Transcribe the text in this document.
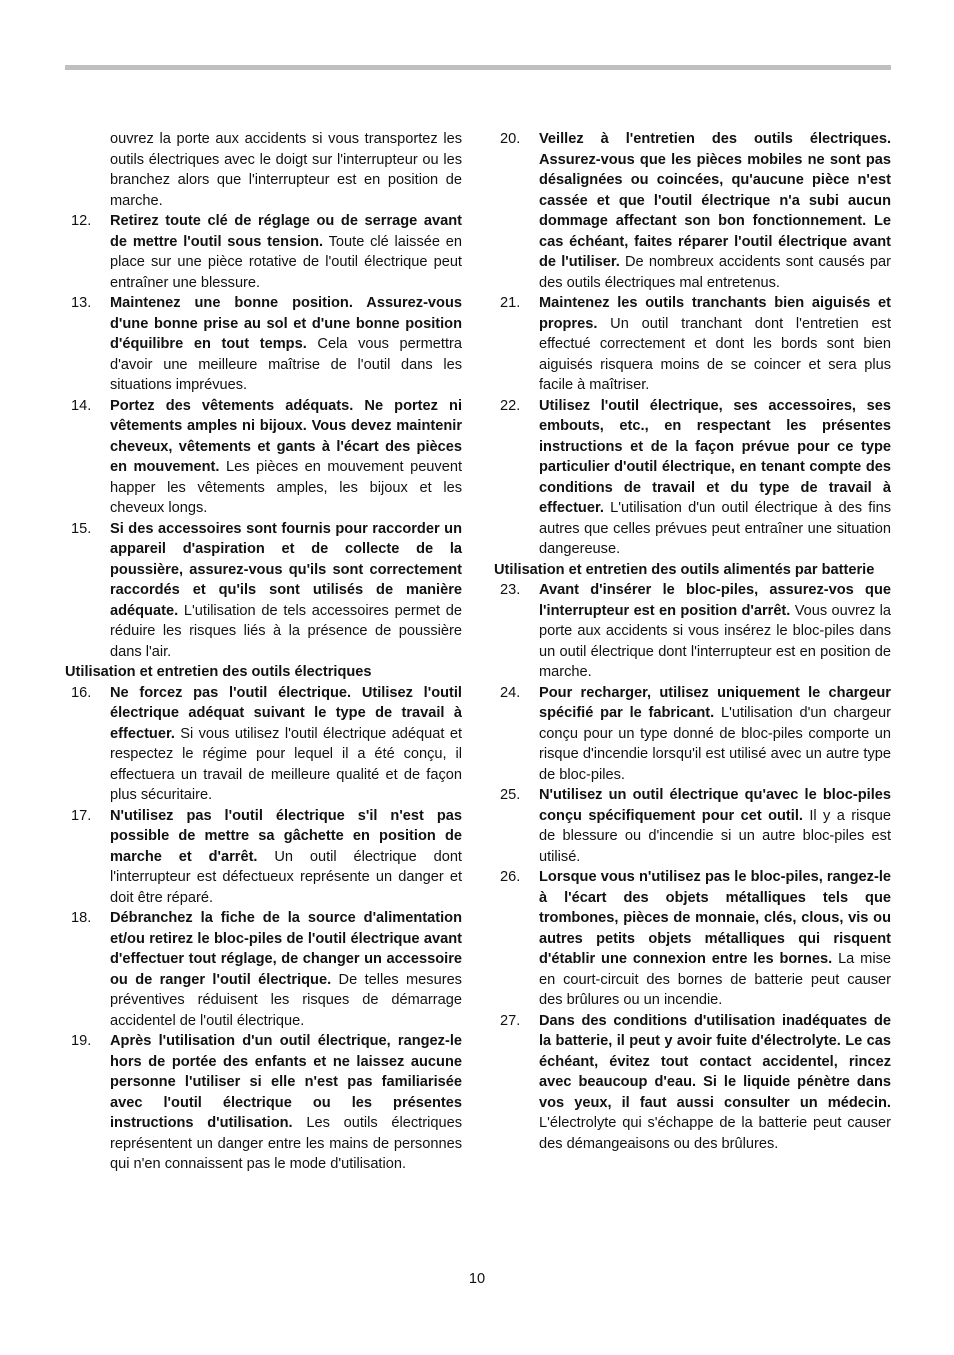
ouvrez la porte aux accidents si vous transportez les outils électriques avec le doigt sur l'interrupteur ou les branchez alors que l'interrupteur est en position de marche.
12. Retirez toute clé de réglage ou de serrage avant de mettre l'outil sous tension. Toute clé laissée en place sur une pièce rotative de l'outil électrique peut entraîner une blessure.
13. Maintenez une bonne position. Assurez-vous d'une bonne prise au sol et d'une bonne position d'équilibre en tout temps. Cela vous permettra d'avoir une meilleure maîtrise de l'outil dans les situations imprévues.
14. Portez des vêtements adéquats. Ne portez ni vêtements amples ni bijoux. Vous devez maintenir cheveux, vêtements et gants à l'écart des pièces en mouvement. Les pièces en mouvement peuvent happer les vêtements amples, les bijoux et les cheveux longs.
15. Si des accessoires sont fournis pour raccorder un appareil d'aspiration et de collecte de la poussière, assurez-vous qu'ils sont correctement raccordés et qu'ils sont utilisés de manière adéquate. L'utilisation de tels accessoires permet de réduire les risques liés à la présence de poussière dans l'air.
Utilisation et entretien des outils électriques
16. Ne forcez pas l'outil électrique. Utilisez l'outil électrique adéquat suivant le type de travail à effectuer. Si vous utilisez l'outil électrique adéquat et respectez le régime pour lequel il a été conçu, il effectuera un travail de meilleure qualité et de façon plus sécuritaire.
17. N'utilisez pas l'outil électrique s'il n'est pas possible de mettre sa gâchette en position de marche et d'arrêt. Un outil électrique dont l'interrupteur est défectueux représente un danger et doit être réparé.
18. Débranchez la fiche de la source d'alimentation et/ou retirez le bloc-piles de l'outil électrique avant d'effectuer tout réglage, de changer un accessoire ou de ranger l'outil électrique. De telles mesures préventives réduisent les risques de démarrage accidentel de l'outil électrique.
19. Après l'utilisation d'un outil électrique, rangez-le hors de portée des enfants et ne laissez aucune personne l'utiliser si elle n'est pas familiarisée avec l'outil électrique ou les présentes instructions d'utilisation. Les outils électriques représentent un danger entre les mains de personnes qui n'en connaissent pas le mode d'utilisation.
20. Veillez à l'entretien des outils électriques. Assurez-vous que les pièces mobiles ne sont pas désalignées ou coincées, qu'aucune pièce n'est cassée et que l'outil électrique n'a subi aucun dommage affectant son bon fonctionnement. Le cas échéant, faites réparer l'outil électrique avant de l'utiliser. De nombreux accidents sont causés par des outils électriques mal entretenus.
21. Maintenez les outils tranchants bien aiguisés et propres. Un outil tranchant dont l'entretien est effectué correctement et dont les bords sont bien aiguisés risquera moins de se coincer et sera plus facile à maîtriser.
22. Utilisez l'outil électrique, ses accessoires, ses embouts, etc., en respectant les présentes instructions et de la façon prévue pour ce type particulier d'outil électrique, en tenant compte des conditions de travail et du type de travail à effectuer. L'utilisation d'un outil électrique à des fins autres que celles prévues peut entraîner une situation dangereuse.
Utilisation et entretien des outils alimentés par batterie
23. Avant d'insérer le bloc-piles, assurez-vos que l'interrupteur est en position d'arrêt. Vous ouvrez la porte aux accidents si vous insérez le bloc-piles dans un outil électrique dont l'interrupteur est en position de marche.
24. Pour recharger, utilisez uniquement le chargeur spécifié par le fabricant. L'utilisation d'un chargeur conçu pour un type donné de bloc-piles comporte un risque d'incendie lorsqu'il est utilisé avec un autre type de bloc-piles.
25. N'utilisez un outil électrique qu'avec le bloc-piles conçu spécifiquement pour cet outil. Il y a risque de blessure ou d'incendie si un autre bloc-piles est utilisé.
26. Lorsque vous n'utilisez pas le bloc-piles, rangez-le à l'écart des objets métalliques tels que trombones, pièces de monnaie, clés, clous, vis ou autres petits objets métalliques qui risquent d'établir une connexion entre les bornes. La mise en court-circuit des bornes de batterie peut causer des brûlures ou un incendie.
27. Dans des conditions d'utilisation inadéquates de la batterie, il peut y avoir fuite d'électrolyte. Le cas échéant, évitez tout contact accidentel, rincez avec beaucoup d'eau. Si le liquide pénètre dans vos yeux, il faut aussi consulter un médecin. L'électrolyte qui s'échappe de la batterie peut causer des démangeaisons ou des brûlures.
10
